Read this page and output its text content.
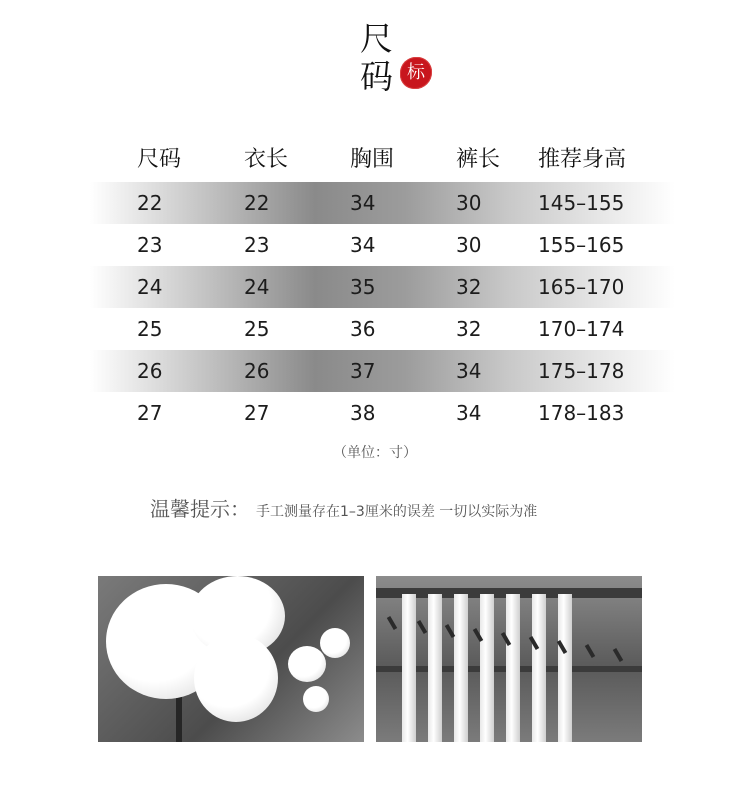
尺
码 标
尺码	衣长	胸围	裤长 推荐身高
22	22	34	30	145–155
23	23	34	30	155–165
24	24	35	32	165–170
25	25	36	32	170–174
26	26	37	34	175–178
27	27	38	34	178–183
（单位：寸）
温馨提示： 手工测量存在1–3厘米的误差 一切以实际为准
